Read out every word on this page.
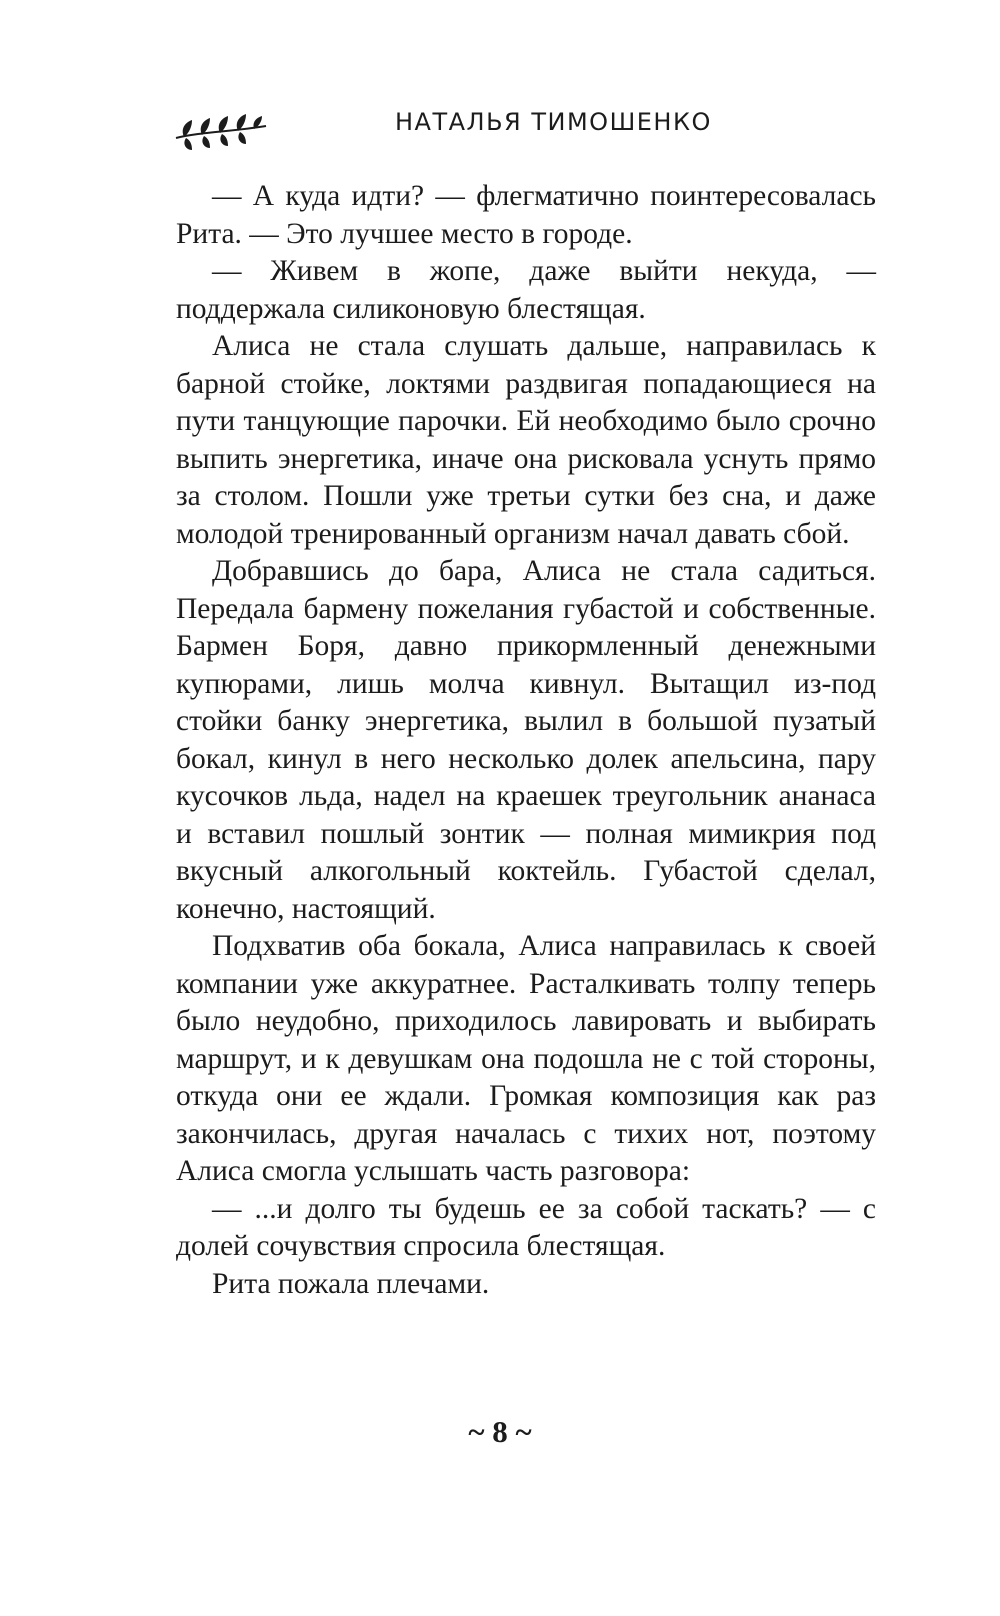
НАТАЛЬЯ ТИМОШЕНКО

— А куда идти? — флегматично поинтересовалась Рита. — Это лучшее место в городе.

— Живем в жопе, даже выйти некуда, — поддержала силиконовую блестящая.

Алиса не стала слушать дальше, направилась к барной стойке, локтями раздвигая попадающиеся на пути танцующие парочки. Ей необходимо было срочно выпить энергетика, иначе она рисковала уснуть прямо за столом. Пошли уже третьи сутки без сна, и даже молодой тренированный организм начал давать сбой.

Добравшись до бара, Алиса не стала садиться. Передала бармену пожелания губастой и собственные. Бармен Боря, давно прикормленный денежными купюрами, лишь молча кивнул. Вытащил из-под стойки банку энергетика, вылил в большой пузатый бокал, кинул в него несколько долек апельсина, пару кусочков льда, надел на краешек треугольник ананаса и вставил пошлый зонтик — полная мимикрия под вкусный алкогольный коктейль. Губастой сделал, конечно, настоящий.

Подхватив оба бокала, Алиса направилась к своей компании уже аккуратнее. Расталкивать толпу теперь было неудобно, приходилось лавировать и выбирать маршрут, и к девушкам она подошла не с той стороны, откуда они ее ждали. Громкая композиция как раз закончилась, другая началась с тихих нот, поэтому Алиса смогла услышать часть разговора:

— ...и долго ты будешь ее за собой таскать? — с долей сочувствия спросила блестящая.

Рита пожала плечами.

~ 8 ~
